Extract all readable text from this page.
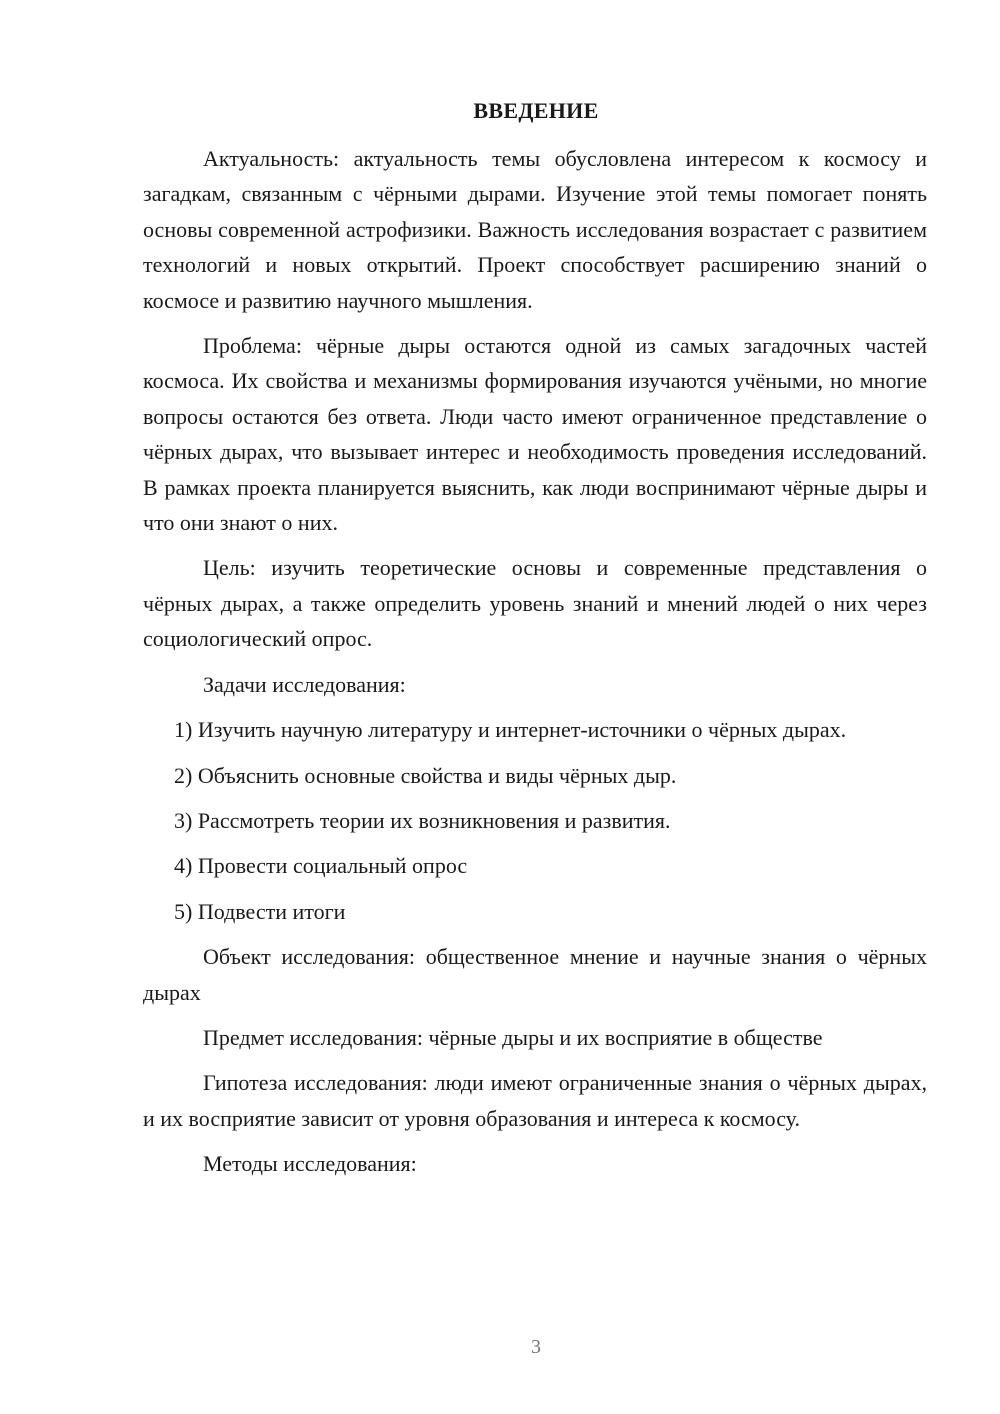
ВВЕДЕНИЕ

Актуальность: актуальность темы обусловлена интересом к космосу и загадкам, связанным с чёрными дырами. Изучение этой темы помогает понять основы современной астрофизики. Важность исследования возрастает с развитием технологий и новых открытий. Проект способствует расширению знаний о космосе и развитию научного мышления.

Проблема: чёрные дыры остаются одной из самых загадочных частей космоса. Их свойства и механизмы формирования изучаются учёными, но многие вопросы остаются без ответа. Люди часто имеют ограниченное представление о чёрных дырах, что вызывает интерес и необходимость проведения исследований. В рамках проекта планируется выяснить, как люди воспринимают чёрные дыры и что они знают о них.

Цель: изучить теоретические основы и современные представления о чёрных дырах, а также определить уровень знаний и мнений людей о них через социологический опрос.

Задачи исследования:

1) Изучить научную литературу и интернет-источники о чёрных дырах.

2) Объяснить основные свойства и виды чёрных дыр.

3) Рассмотреть теории их возникновения и развития.

4) Провести социальный опрос

5) Подвести итоги

Объект исследования: общественное мнение и научные знания о чёрных дырах

Предмет исследования: чёрные дыры и их восприятие в обществе

Гипотеза исследования: люди имеют ограниченные знания о чёрных дырах, и их восприятие зависит от уровня образования и интереса к космосу.

Методы исследования:

3
